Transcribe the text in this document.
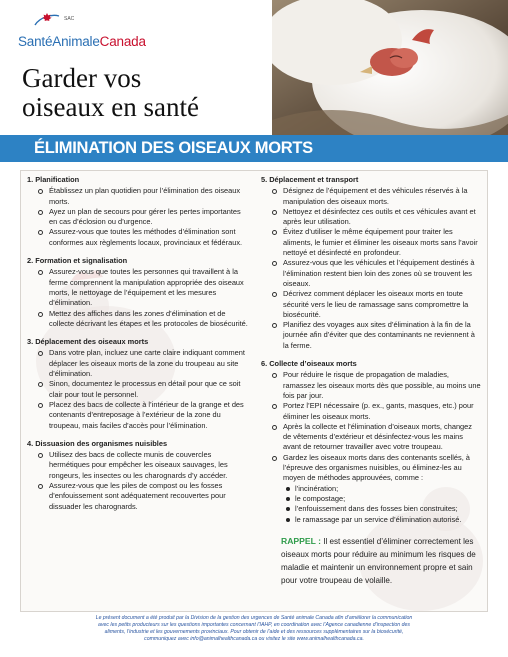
SAC
SantéAnimaleCanada
Garder vos
oiseaux en santé
ÉLIMINATION DES OISEAUX MORTS
1. Planification
Établissez un plan quotidien pour l’élimination des oiseaux morts.
Ayez un plan de secours pour gérer les pertes importantes en cas d’éclosion ou d’urgence.
Assurez-vous que toutes les méthodes d’élimination sont conformes aux règlements locaux, provinciaux et fédéraux.
2. Formation et signalisation
Assurez-vous que toutes les personnes qui travaillent à la ferme comprennent la manipulation appropriée des oiseaux morts, le nettoyage de l’équipement et les mesures d’élimination.
Mettez des affiches dans les zones d’élimination et de collecte décrivant les étapes et les protocoles de biosécurité.
3. Déplacement des oiseaux morts
Dans votre plan, incluez une carte claire indiquant comment déplacer les oiseaux morts de la zone du troupeau au site d’élimination.
Sinon, documentez le processus en détail pour que ce soit clair pour tout le personnel.
Placez des bacs de collecte à l’intérieur de la grange et des contenants d’entreposage à l’extérieur de la zone du troupeau, mais faciles d’accès pour l’élimination.
4. Dissuasion des organismes nuisibles
Utilisez des bacs de collecte munis de couvercles hermétiques pour empêcher les oiseaux sauvages, les rongeurs, les insectes ou les charognards d’y accéder.
Assurez-vous que les piles de compost ou les fosses d’enfouissement sont adéquatement recouvertes pour dissuader les charognards.
5. Déplacement et transport
Désignez de l’équipement et des véhicules réservés à la manipulation des oiseaux morts.
Nettoyez et désinfectez ces outils et ces véhicules avant et après leur utilisation.
Évitez d’utiliser le même équipement pour traiter les aliments, le fumier et éliminer les oiseaux morts sans l’avoir nettoyé et désinfecté en profondeur.
Assurez-vous que les véhicules et l’équipement destinés à l’élimination restent bien loin des zones où se trouvent les oiseaux.
Décrivez comment déplacer les oiseaux morts en toute sécurité vers le lieu de ramassage sans compromettre la biosécurité.
Planifiez des voyages aux sites d’élimination à la fin de la journée afin d’éviter que des contaminants ne reviennent à la ferme.
6. Collecte d’oiseaux morts
Pour réduire le risque de propagation de maladies, ramassez les oiseaux morts dès que possible, au moins une fois par jour.
Portez l’EPI nécessaire (p. ex., gants, masques, etc.) pour éliminer les oiseaux morts.
Après la collecte et l’élimination d’oiseaux morts, changez de vêtements d’extérieur et désinfectez-vous les mains avant de retourner travailler avec votre troupeau.
Gardez les oiseaux morts dans des contenants scellés, à l’épreuve des organismes nuisibles, ou éliminez-les au moyen de méthodes approuvées, comme :
l’incinération;
le compostage;
l’enfouissement dans des fosses bien construites;
le ramassage par un service d’élimination autorisé.

RAPPEL : Il est essentiel d’éliminer correctement les oiseaux morts pour réduire au minimum les risques de maladie et maintenir un environnement propre et sain pour votre troupeau de volaille.

Le présent document a été produit par la Division de la gestion des urgences de Santé animale Canada afin d’améliorer la communication
avec les petits producteurs sur les questions importantes concernant l’IAHP, en coordination avec l’Agence canadienne d’inspection des
aliments, l’industrie et les gouvernements provinciaux. Pour obtenir de l’aide et des ressources supplémentaires sur la biosécurité,
communiquez avec info@animalhealthcanada.ca ou visitez le site www.animalhealthcanada.ca.
